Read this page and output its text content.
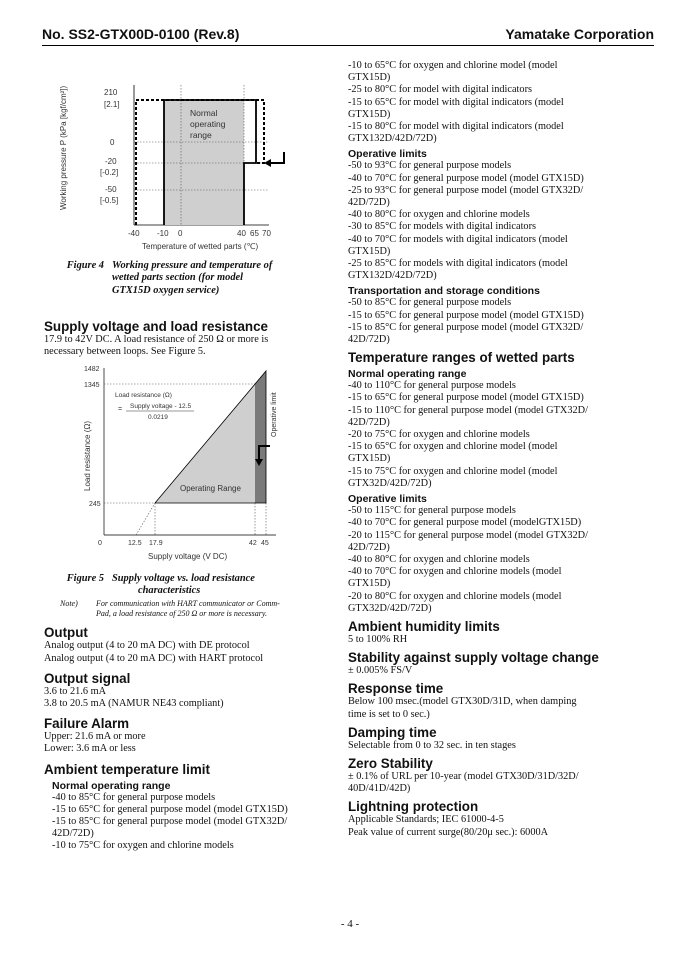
No. SS2-GTX00D-0100 (Rev.8)	Yamatake Corporation
Working pressure P (kPa [kgf/cm²])	Normal
operating
range
210
[2.1]
0
-20
[-0.2]
-50
[-0.5]
-40 -10 0	40 65 70
Temperature of wetted parts (℃)
Figure 4 Working pressure and temperature of
wetted parts section (for model
GTX15D oxygen service)
Supply voltage and load resistance
17.9 to 42V DC. A load resistance of 250 Ω or more is
necessary between loops. See Figure 5.
Load resistance (Ω)
1482
1345
245
0	12.5 17.9	42 45
Supply voltage (V DC)
Load resistance (Ω)
= Supply voltage - 12.5
0.0219
Operating Range
Operative limit
Figure 5 Supply voltage vs. load resistance
characteristics
Note) For communication with HART communicator or Comm-
Pad, a load resistance of 250 Ω or more is necessary.
Output
Analog output (4 to 20 mA DC) with DE protocol
Analog output (4 to 20 mA DC) with HART protocol
Output signal
3.6 to 21.6 mA
3.8 to 20.5 mA (NAMUR NE43 compliant)
Failure Alarm
Upper: 21.6 mA or more
Lower: 3.6 mA or less
Ambient temperature limit
Normal operating range
-40 to 85°C for general purpose models
-15 to 65°C for general purpose model (model GTX15D)
-15 to 85°C for general purpose model (model GTX32D/
42D/72D)
-10 to 75°C for oxygen and chlorine models
-10 to 65°C for oxygen and chlorine model (model
GTX15D)
-25 to 80°C for model with digital indicators
-15 to 65°C for model with digital indicators (model
GTX15D)
-15 to 80°C for model with digital indicators (model
GTX132D/42D/72D)
Operative limits
-50 to 93°C for general purpose models
-40 to 70°C for general purpose model (model GTX15D)
-25 to 93°C for general purpose model (model GTX32D/
42D/72D)
-40 to 80°C for oxygen and chlorine models
-30 to 85°C for models with digital indicators
-40 to 70°C for models with digital indicators (model
GTX15D)
-25 to 85°C for models with digital indicators (model
GTX132D/42D/72D)
Transportation and storage conditions
-50 to 85°C for general purpose models
-15 to 65°C for general purpose model (model GTX15D)
-15 to 85°C for general purpose model (model GTX32D/
42D/72D)
Temperature ranges of wetted parts
Normal operating range
-40 to 110°C for general purpose models
-15 to 65°C for general purpose model (model GTX15D)
-15 to 110°C for general purpose model (model GTX32D/
42D/72D)
-20 to 75°C for oxygen and chlorine models
-15 to 65°C for oxygen and chlorine model (model
GTX15D)
-15 to 75°C for oxygen and chlorine model (model
GTX32D/42D/72D)
Operative limits
-50 to 115°C for general purpose models
-40 to 70°C for general purpose model (modelGTX15D)
-20 to 115°C for general purpose model (model GTX32D/
42D/72D)
-40 to 80°C for oxygen and chlorine models
-40 to 70°C for oxygen and chlorine models (model
GTX15D)
-20 to 80°C for oxygen and chlorine models (model
GTX32D/42D/72D)
Ambient humidity limits
5 to 100% RH
Stability against supply voltage change
± 0.005% FS/V
Response time
Below 100 msec.(model GTX30D/31D, when damping
time is set to 0 sec.)
Damping time
Selectable from 0 to 32 sec. in ten stages
Zero Stability
± 0.1% of URL per 10-year (model GTX30D/31D/32D/
40D/41D/42D)
Lightning protection
Applicable Standards; IEC 61000-4-5
Peak value of current surge(80/20μ sec.): 6000A
- 4 -
